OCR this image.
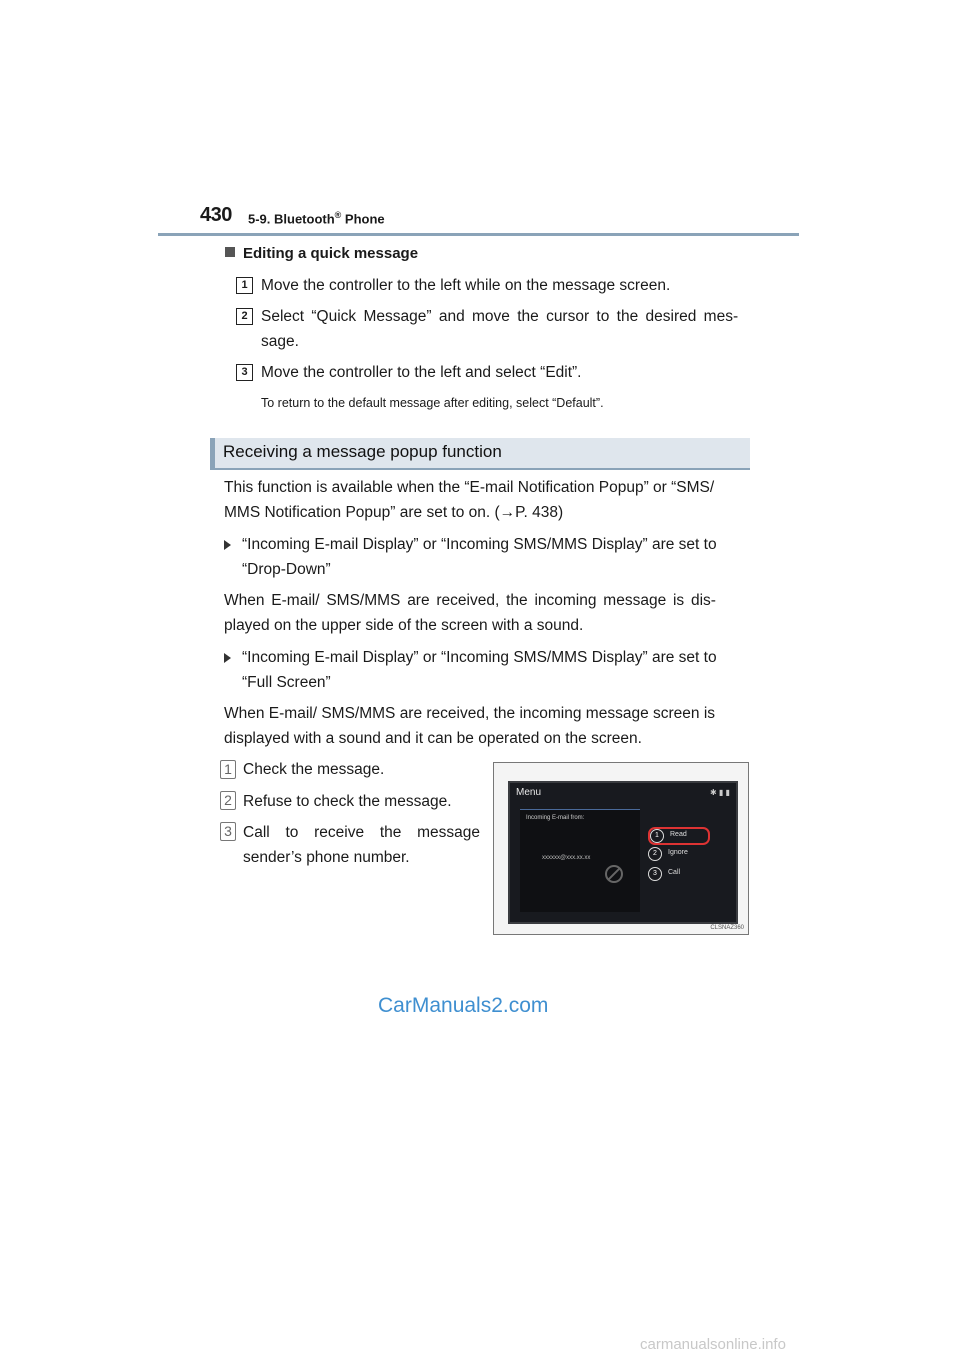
430 5-9. Bluetooth® Phone
Editing a quick message
1 Move the controller to the left while on the message screen.
2 Select “Quick Message” and move the cursor to the desired mes-
sage.
3 Move the controller to the left and select “Edit”.
To return to the default message after editing, select “Default”.
Receiving a message popup function
This function is available when the “E-mail Notification Popup” or “SMS/
MMS Notification Popup” are set to on. (→P. 438)
“Incoming E-mail Display” or “Incoming SMS/MMS Display” are set to
“Drop-Down”
When E-mail/ SMS/MMS are received, the incoming message is dis-
played on the upper side of the screen with a sound.
“Incoming E-mail Display” or “Incoming SMS/MMS Display” are set to
“Full Screen”
When E-mail/ SMS/MMS are received, the incoming message screen is
displayed with a sound and it can be operated on the screen.
1 Check the message.
2 Refuse to check the message.
3 Call to receive the message
sender’s phone number.
Menu	✱ ▮ ▮
Incoming E-mail from:
xxxxxx@xxx.xx.xx
1	Read
2	Ignore
3	Call
CLSNAZ360
CarManuals2.com
carmanualsonline.info
